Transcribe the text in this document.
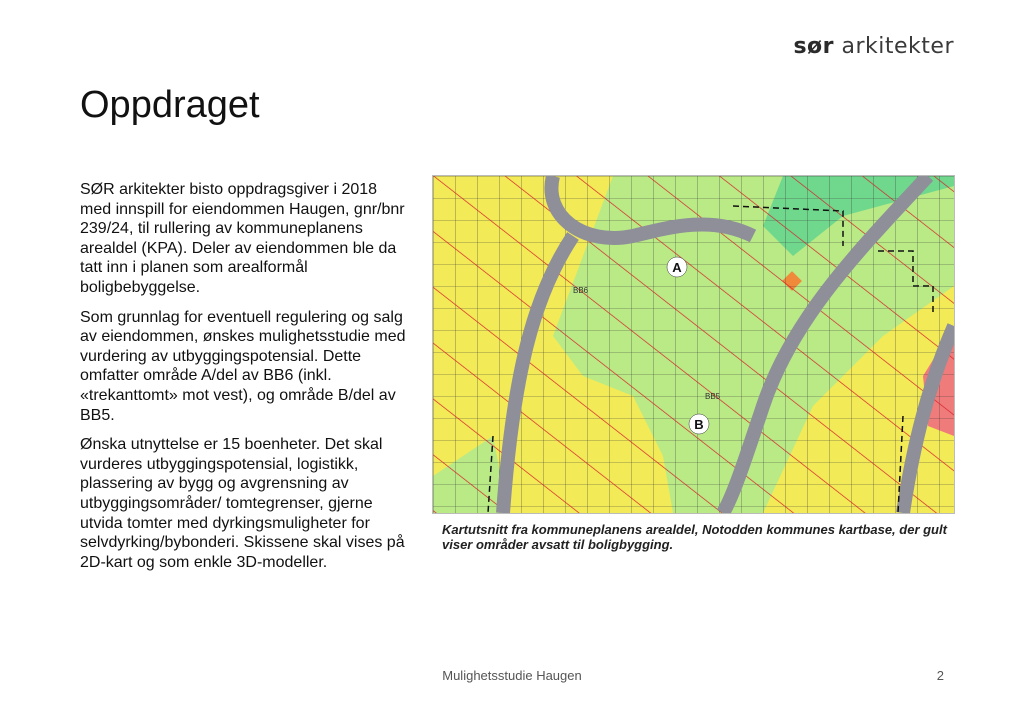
sør arkitekter
Oppdraget

SØR arkitekter bisto oppdragsgiver i 2018 med innspill for eiendommen Haugen, gnr/bnr 239/24, til rullering av kommuneplanens arealdel (KPA). Deler av eiendommen ble da tatt inn i planen som arealformål boligbebyggelse.

Som grunnlag for eventuell regulering og salg av eiendommen, ønskes mulighetsstudie med vurdering av utbyggingspotensial. Dette omfatter område A/del av BB6 (inkl. «trekanttomt» mot vest), og område B/del av BB5.

Ønska utnyttelse er 15 boenheter. Det skal vurderes utbyggingspotensial, logistikk, plassering av bygg og avgrensning av utbyggingsområder/ tomtegrenser, gjerne utvida tomter med dyrkingsmuligheter for selvdyrking/bybonderi. Skissene skal vises på 2D-kart og som enkle 3D-modeller.

A
B
BB6
BB5
Kartutsnitt fra kommuneplanens arealdel, Notodden kommunes kartbase, der gult viser områder avsatt til boligbygging.
Mulighetsstudie Haugen	2
